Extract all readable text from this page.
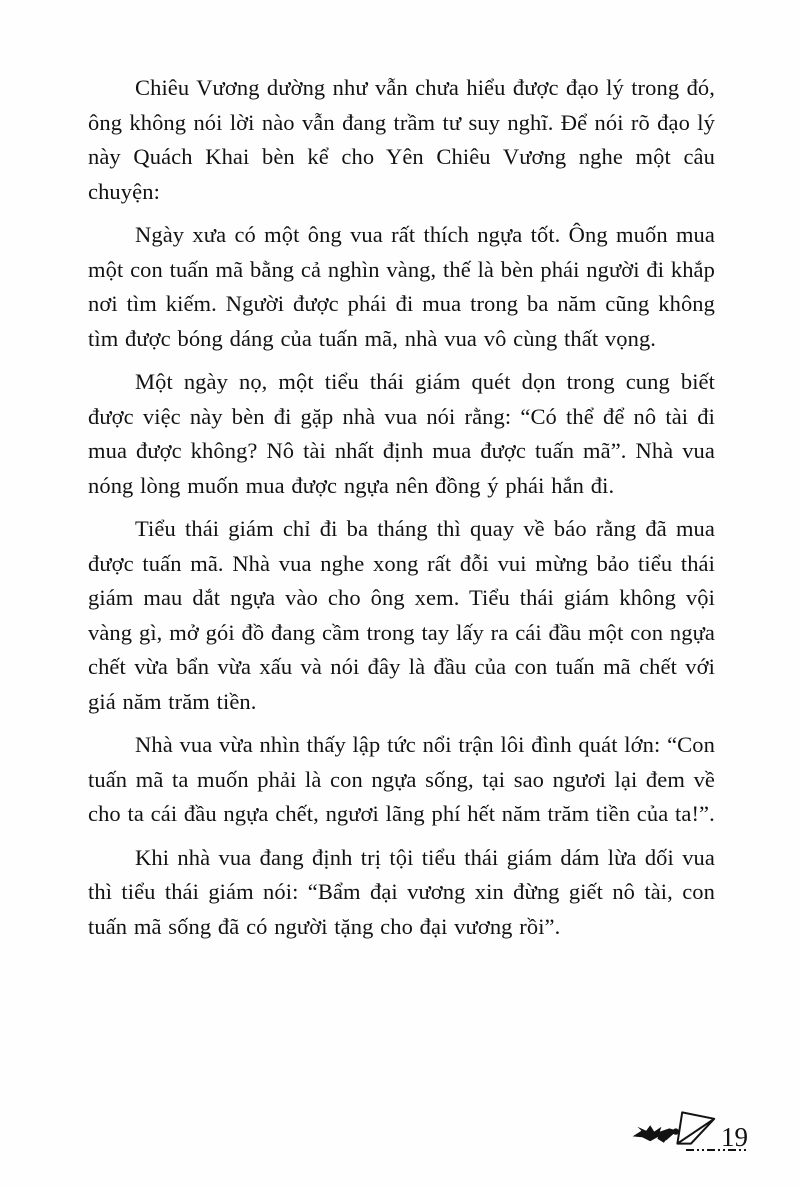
Chiêu Vương dường như vẫn chưa hiểu được đạo lý trong đó, ông không nói lời nào vẫn đang trầm tư suy nghĩ. Để nói rõ đạo lý này Quách Khai bèn kể cho Yên Chiêu Vương nghe một câu chuyện:

Ngày xưa có một ông vua rất thích ngựa tốt. Ông muốn mua một con tuấn mã bằng cả nghìn vàng, thế là bèn phái người đi khắp nơi tìm kiếm. Người được phái đi mua trong ba năm cũng không tìm được bóng dáng của tuấn mã, nhà vua vô cùng thất vọng.

Một ngày nọ, một tiểu thái giám quét dọn trong cung biết được việc này bèn đi gặp nhà vua nói rằng: “Có thể để nô tài đi mua được không? Nô tài nhất định mua được tuấn mã”. Nhà vua nóng lòng muốn mua được ngựa nên đồng ý phái hắn đi.

Tiểu thái giám chỉ đi ba tháng thì quay về báo rằng đã mua được tuấn mã. Nhà vua nghe xong rất đỗi vui mừng bảo tiểu thái giám mau dắt ngựa vào cho ông xem. Tiểu thái giám không vội vàng gì, mở gói đồ đang cầm trong tay lấy ra cái đầu một con ngựa chết vừa bẩn vừa xấu và nói đây là đầu của con tuấn mã chết với giá năm trăm tiền.

Nhà vua vừa nhìn thấy lập tức nổi trận lôi đình quát lớn: “Con tuấn mã ta muốn phải là con ngựa sống, tại sao ngươi lại đem về cho ta cái đầu ngựa chết, ngươi lãng phí hết năm trăm tiền của ta!”.

Khi nhà vua đang định trị tội tiểu thái giám dám lừa dối vua thì tiểu thái giám nói: “Bẩm đại vương xin đừng giết nô tài, con tuấn mã sống đã có người tặng cho đại vương rồi”.

19
